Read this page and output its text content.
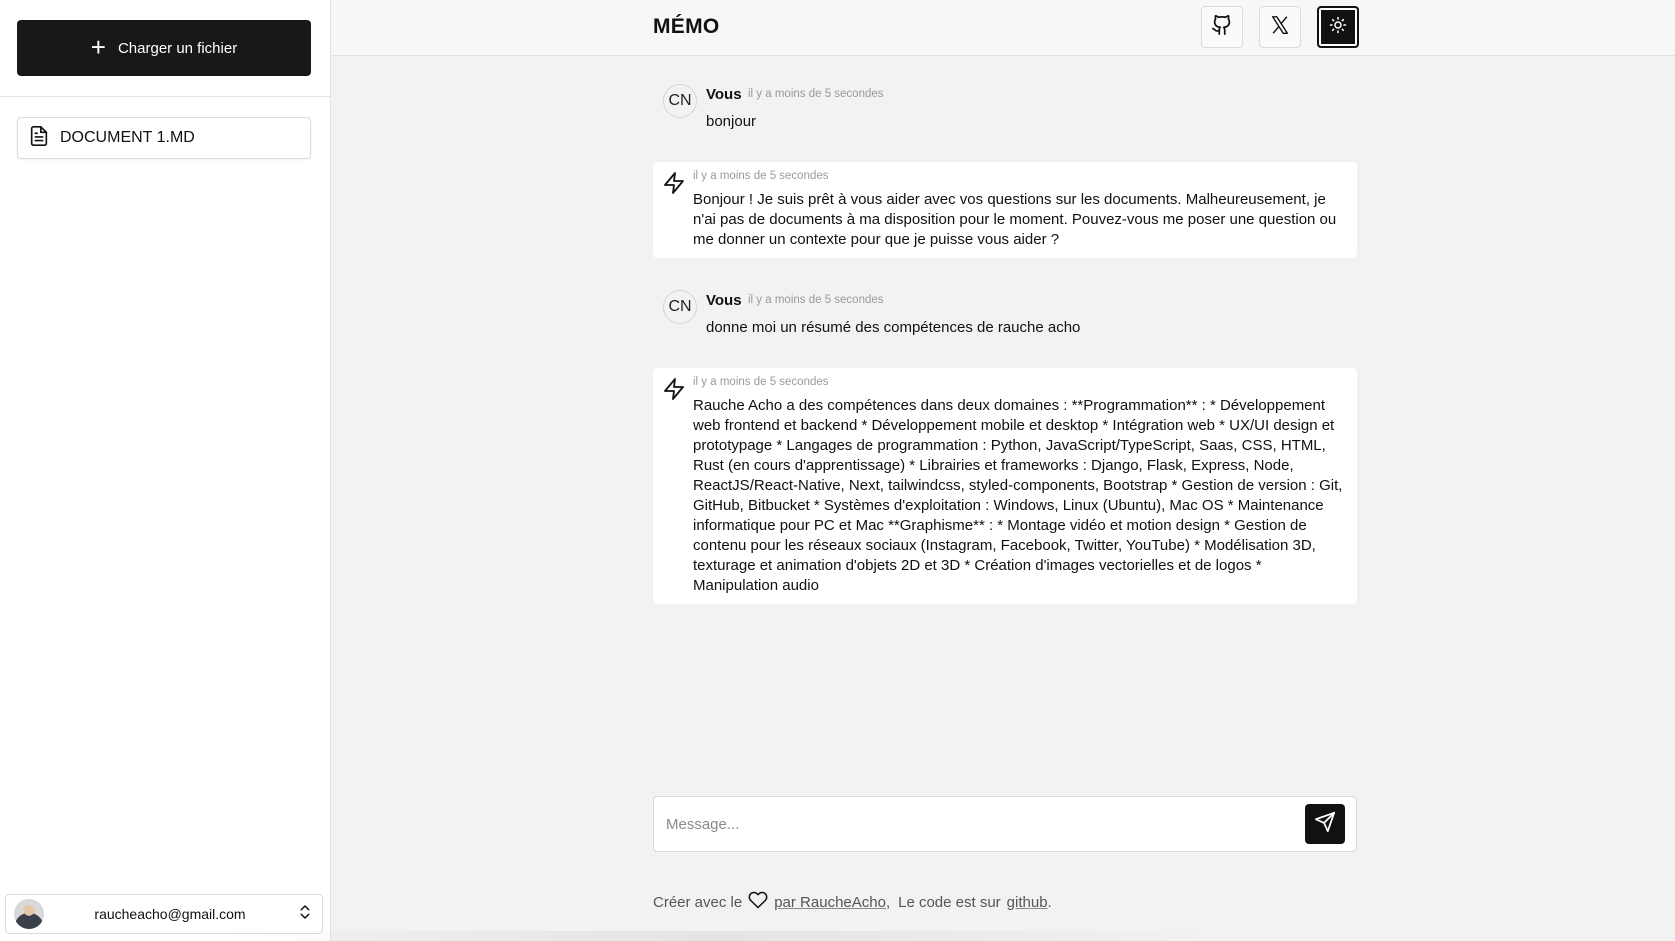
+ Charger un fichier
DOCUMENT 1.MD
raucheacho@gmail.com
MÉMO
CN Vous il y a moins de 5 secondes
bonjour
il y a moins de 5 secondes
Bonjour ! Je suis prêt à vous aider avec vos questions sur les documents. Malheureusement, je n'ai pas de documents à ma disposition pour le moment. Pouvez-vous me poser une question ou me donner un contexte pour que je puisse vous aider ?
CN Vous il y a moins de 5 secondes
donne moi un résumé des compétences de rauche acho
il y a moins de 5 secondes
Rauche Acho a des compétences dans deux domaines : **Programmation** : * Développement web frontend et backend * Développement mobile et desktop * Intégration web * UX/UI design et prototypage * Langages de programmation : Python, JavaScript/TypeScript, Saas, CSS, HTML, Rust (en cours d'apprentissage) * Librairies et frameworks : Django, Flask, Express, Node, ReactJS/React-Native, Next, tailwindcss, styled-components, Bootstrap * Gestion de version : Git, GitHub, Bitbucket * Systèmes d'exploitation : Windows, Linux (Ubuntu), Mac OS * Maintenance informatique pour PC et Mac **Graphisme** : * Montage vidéo et motion design * Gestion de contenu pour les réseaux sociaux (Instagram, Facebook, Twitter, YouTube) * Modélisation 3D, texturage et animation d'objets 2D et 3D * Création d'images vectorielles et de logos * Manipulation audio
Message...
Créer avec le par RaucheAcho, Le code est sur github .
